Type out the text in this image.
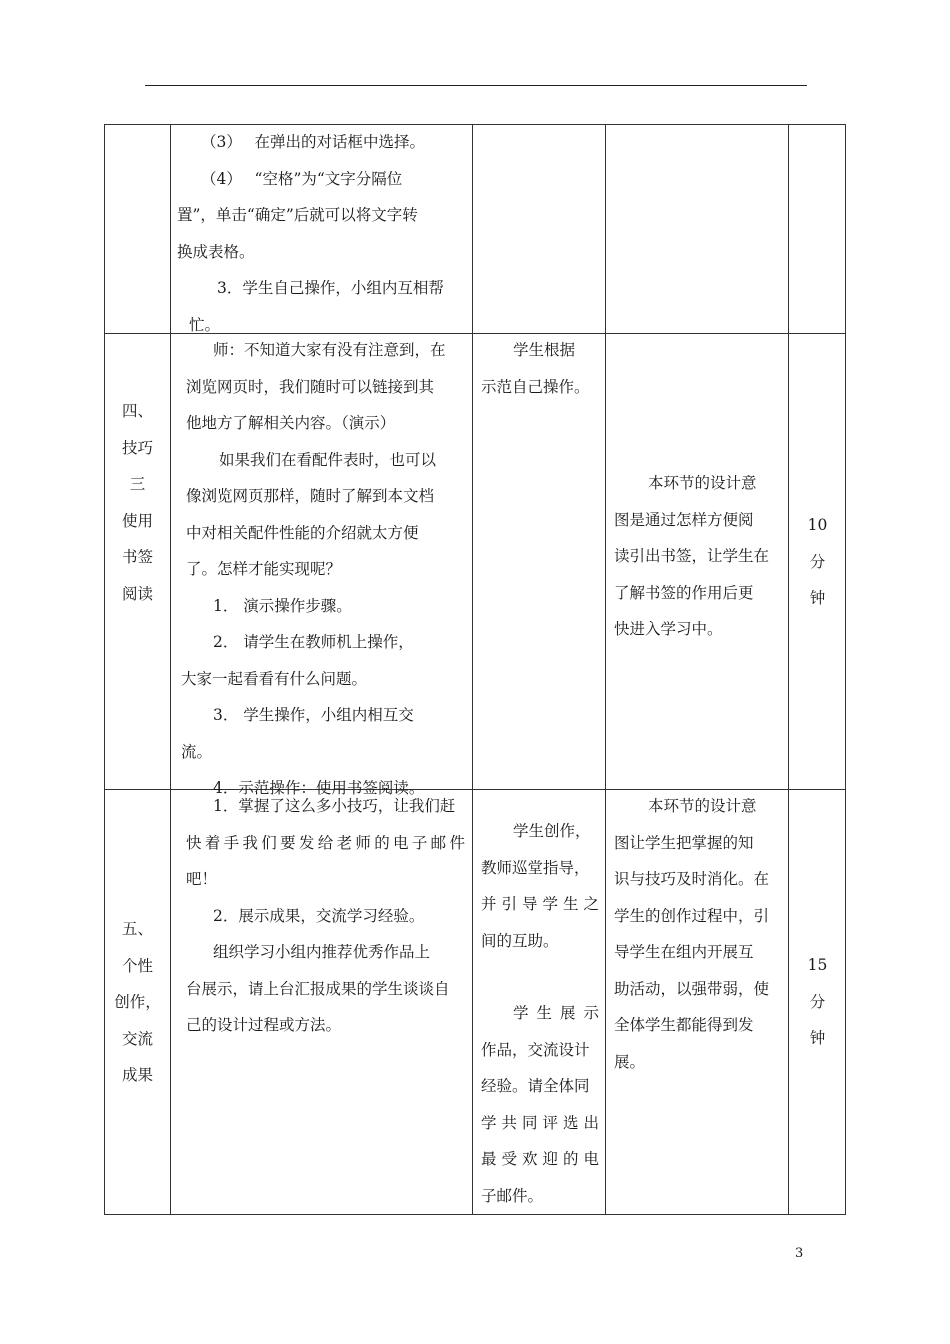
（3）　 在弹出的对话框中选择。

（4）　 “空格”为“文字分隔位

置”，单击“确定”后就可以将文字转

换成表格。

3．学生自己操作，小组内互相帮

忙。

四、

技巧

三

使用

书签

阅读

师：不知道大家有没有注意到，在

浏览网页时，我们随时可以链接到其

他地方了解相关内容。（演示）

如果我们在看配件表时，也可以

像浏览网页那样，随时了解到本文档

中对相关配件性能的介绍就太方便

了。怎样才能实现呢？

1． 演示操作步骤。

2． 请学生在教师机上操作，

大家一起看看有什么问题。

3． 学生操作，小组内相互交

流。

4．示范操作：使用书签阅读。

学生根据

示范自己操作。

本环节的设计意

图是通过怎样方便阅

读引出书签，让学生在

了解书签的作用后更

快进入学习中。

10

分

钟

五、

个性

创作，

交流

成果

1．掌握了这么多小技巧，让我们赶

快着手我们要发给老师的电子邮件

吧！

2．展示成果，交流学习经验。

组织学习小组内推荐优秀作品上

台展示，请上台汇报成果的学生谈谈自

己的设计过程或方法。

学生创作，

教师巡堂指导，

并引导学生之

间的互助。

学生展示

作品，交流设计

经验。请全体同

学共同评选出

最受欢迎的电

子邮件。

本环节的设计意

图让学生把掌握的知

识与技巧及时消化。在

学生的创作过程中，引

导学生在组内开展互

助活动，以强带弱，使

全体学生都能得到发

展。

15

分

钟

3
